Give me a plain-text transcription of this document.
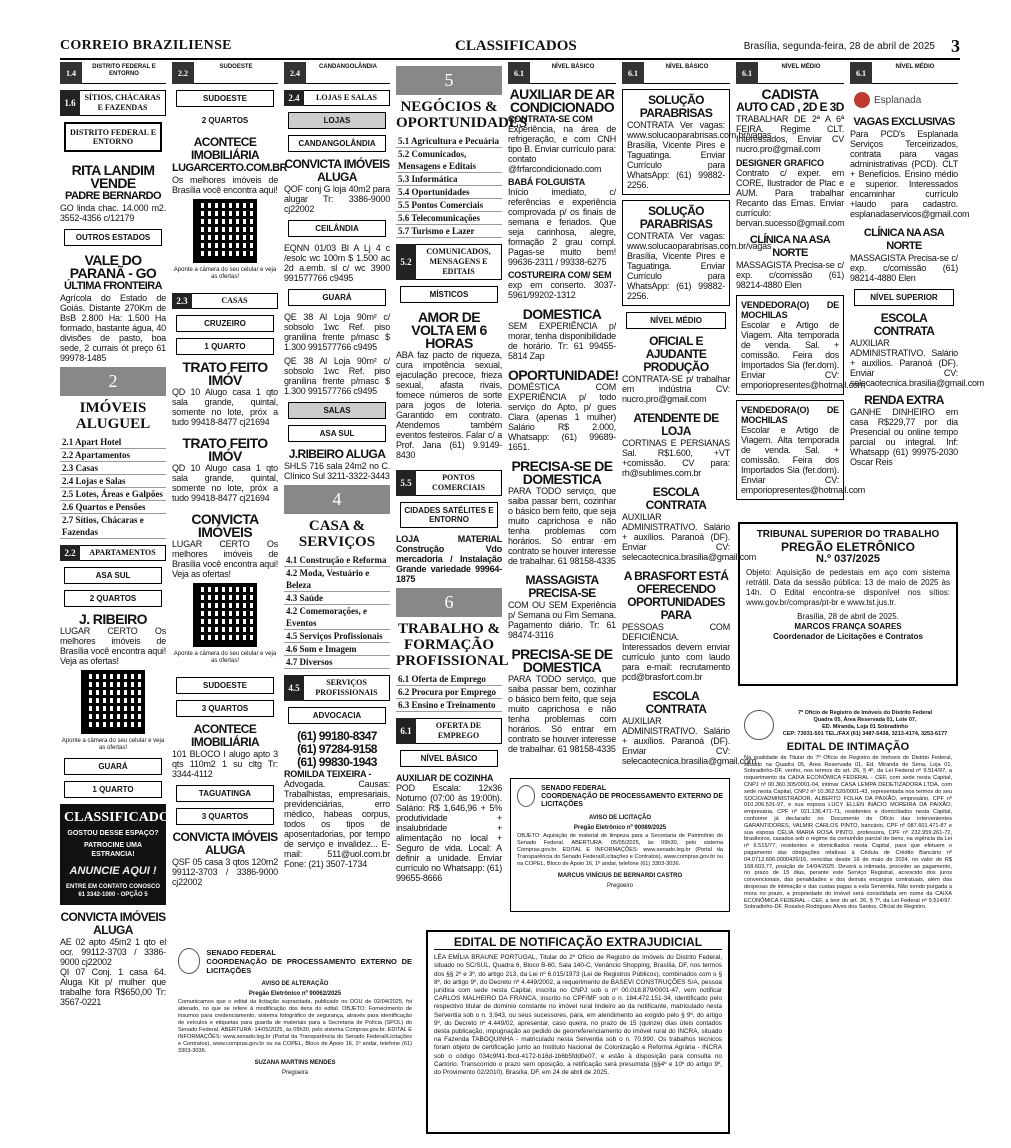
CORREIO BRAZILIENSE	CLASSIFICADOS	Brasília, segunda-feira, 28 de abril de 2025 3
1.4
DISTRITO FEDERAL E ENTORNO
1.6
SÍTIOS, CHÁCARAS E FAZENDAS
DISTRITO FEDERAL E ENTORNO
RITA LANDIM VENDE
PADRE BERNARDO
GO linda chac. 14.000 m2. 3552-4356 c/12179
OUTROS ESTADOS
VALE DO PARANÃ - GO
ÚLTIMA FRONTEIRA
Agrícola do Estado de Goiás. Distante 270Km de BsB 2.800 Ha: 1.500 Ha formado, bastante água, 40 divisões de pasto, boa sede, 2 currais ót preço 61 99978-1485
2
IMÓVEIS ALUGUEL
2.1 Apart Hotel
2.2 Apartamentos
2.3 Casas
2.4 Lojas e Salas
2.5 Lotes, Áreas e Galpões
2.6 Quartos e Pensões
2.7 Sítios, Chácaras e Fazendas
2.2	APARTAMENTOS
ASA SUL
2 QUARTOS
J. RIBEIRO
LUGAR CERTO Os melhores imóveis de Brasília você encontra aqui! Veja as ofertas!
Aponte a câmera do seu celular e veja as ofertas!
GUARÁ
1 QUARTO
CLASSIFICADOS
GOSTOU DESSE ESPAÇO?
PATROCINE UMA ESTRANCIA!
ANUNCIE AQUI !
ENTRE EM CONTATO CONOSCO 61 3342-1000 - OPÇÃO 5
CONVICTA IMÓVEIS ALUGA
AE 02 apto 45m2 1 qto el ocr. 99112-3703 / 3386-9000 cj22002
QI 07 Conj. 1 casa 64. Aluga Kit p/ mulher que trabalhe fora R$650,00 Tr: 3567-0221
2.2
SUDOESTE
SUDOESTE
2 QUARTOS
ACONTECE IMOBILIÁRIA
LUGARCERTO.COM.BR
Os melhores imóveis de Brasília você encontra aqui!
Aponte a câmera do seu celular e veja as ofertas!
2.3	CASAS
CRUZEIRO
1 QUARTO
TRATO FEITO IMÓV
QD 10 Alugo casa 1 qto sala grande, quintal, somente no lote, próx a tudo 99418-8477 cj21694
TRATO FEITO IMÓV
QD 10 Alugo casa 1 qto sala grande, quintal, somente no lote, próx a tudo 99418-8477 cj21694
CONVICTA IMÓVEIS
LUGAR CERTO Os melhores imóveis de Brasília você encontra aqui! Veja as ofertas!
Aponte a câmera do seu celular e veja as ofertas!
SUDOESTE
3 QUARTOS
ACONTECE IMOBILIÁRIA
101 BLOCO I alugo apto 3 qts 110m2 1 su cltg Tr: 3344-4112
TAGUATINGA
3 QUARTOS
CONVICTA IMÓVEIS ALUGA
QSF 05 casa 3 qtos 120m2 99112-3703 / 3386-9000 cj22002
2.4
CANDANGOLÂNDIA
2.4	LOJAS E SALAS
LOJAS
CANDANGOLÂNDIA
CONVICTA IMÓVEIS ALUGA
QOF conj G loja 40m2 para alugar Tr: 3386-9000 cj22002
CEILÂNDIA
EQNN 01/03 Bl A Lj 4 c /esolc wc 100m $ 1.500 ac 2d a.emb. sl c/ wc 3900 991577766 c9495
GUARÁ
QE 38 Al Loja 90m² c/ sobsolo 1wc Ref. piso granilina frente p/masc $ 1.300 991577766 c9495
QE 38 Al Loja 90m² c/ sobsolo 1wc Ref. piso granilina frente p/masc $ 1.300 991577766 c9495
SALAS
ASA SUL
J.RIBEIRO ALUGA
SHLS 716 sala 24m2 no C. Clínico Sul 3211-3322-3443
4
CASA & SERVIÇOS
4.1 Construção e Reforma
4.2 Moda, Vestuário e Beleza
4.3 Saúde
4.2 Comemorações, e Eventos
4.5 Serviços Profissionais
4.6 Som e Imagem
4.7 Diversos
4.5
SERVIÇOS PROFISSIONAIS
ADVOCACIA
(61) 99180-8347
(61) 97284-9158
(61) 99830-1943
ROMILDA TEIXEIRA -
Advogada. Causas: Trabalhistas, empresariais, previdenciárias, erro médico, habeas corpus, todos os tipos de aposentadorias, por tempo de serviço e invalidez... E-mail: 511@uol.com.br Fone: (21) 3507-1734
5
NEGÓCIOS & OPORTUNIDADES
5.1 Agricultura e Pecuária
5.2 Comunicados, Mensagens e Editais
5.3 Informática
5.4 Oportunidades
5.5 Pontos Comerciais
5.6 Telecomunicações
5.7 Turismo e Lazer
5.2
COMUNICADOS, MENSAGENS E EDITAIS
MÍSTICOS
AMOR DE VOLTA EM 6 HORAS
ABA faz pacto de riqueza, cura impotência sexual, ejaculação precoce, frieza sexual, afasta rivais, fornece números de sorte para jogos de loteria. Garantido em contrato. Atendemos também eventos festeiros. Falar c/ a Prof. Jana (61) 9.9149-8430
5.5
PONTOS COMERCIAIS
CIDADES SATÉLITES E ENTORNO
LOJA MATERIAL Construção Vdo mercadoria / Instalação Grande variedade 99964-1875
6
TRABALHO & FORMAÇÃO PROFISSIONAL
6.1 Oferta de Emprego
6.2 Procura por Emprego
6.3 Ensino e Treinamento
6.1
OFERTA DE EMPREGO
NÍVEL BÁSICO
AUXILIAR DE COZINHA
POD Escala: 12x36 Noturno (07:00 às 19:00h). Salário: R$ 1.646,96 + 5% produtividade + insalubridade + alimentação no local + Seguro de vida. Local: A definir a unidade. Enviar currículo no Whatsapp: (61) 99655-8666
6.1
NÍVEL BÁSICO
AUXILIAR DE AR CONDICIONADO
CONTRATA-SE COM
Experiência, na área de refrigeração, e com CNH tipo B. Enviar currículo para: contato @frfarcondicionado.com
BABÁ FOLGUISTA
Início imediato, c/ referências e experiência comprovada p/ os finais de semana e feriados. Que seja carinhosa, alegre, formação 2 grau compl. Pagas-se muito bem! 99636-2311 / 99338-6275
COSTUREIRA COM/ SEM
exp em conserto. 3037-5961/99202-1312
DOMESTICA
SEM EXPERIÊNCIA p/ morar, tenha disponibilidade de horário. Tr: 61 99455-5814 Zap
OPORTUNIDADE!
DOMÉSTICA COM EXPERIÊNCIA p/ todo serviço do Apto, p/ gues Clara (apenas 1 mulher) Salário R$ 2.000, Whatsapp: (61) 99689-1651.
PRECISA-SE DE DOMESTICA
PARA TODO serviço, que saiba passar bem, cozinhar o básico bem feito, que seja muito caprichosa e não tenha problemas com horários. Só entrar em contrato se houver interesse de trabalhar. 61 98158-4335
MASSAGISTA PRECISA-SE
COM OU SEM Experiência p/ Semana ou Fim Semana. Pagamento diário. Tr: 61 98474-3116
PRECISA-SE DE DOMESTICA
PARA TODO serviço, que saiba passar bem, cozinhar o básico bem feito, que seja muito caprichosa e não tenha problemas com horários. Só entrar em contrato se houver interesse de trabalhar. 61 98158-4335
6.1
NÍVEL BÁSICO
SOLUÇÃO PARABRISAS
CONTRATA Ver vagas: www.solucaoparabrisas.com.br/vagas Brasília, Vicente Pires e Taguatinga. Enviar Currículo para WhatsApp: (61) 99882-2256.
SOLUÇÃO PARABRISAS
CONTRATA Ver vagas: www.solucaoparabrisas.com.br/vagas Brasília, Vicente Pires e Taguatinga. Enviar Currículo para WhatsApp: (61) 99882-2256.
NÍVEL MÉDIO
OFICIAL E AJUDANTE PRODUÇÃO
CONTRATA-SE p/ trabalhar em indústria CV: nucro.pro@gmail.com
ATENDENTE DE LOJA
CORTINAS E PERSIANAS Sal. R$1.600, +VT +comissão. CV para: rh@sublimes.com.br
ESCOLA CONTRATA
AUXILIAR ADMINISTRATIVO. Salário + auxílios. Paranoá (DF). Enviar CV: selecaotecnica.brasilia@gmail.com
A BRASFORT ESTÁ OFERECENDO OPORTUNIDADES PARA
PESSOAS COM DEFICIÊNCIA. Interessados devem enviar currículo junto com laudo para e-mail: recrutamento pcd@brasfort.com.br
ESCOLA CONTRATA
AUXILIAR ADMINISTRATIVO. Salário + auxílios. Paranoá (DF). Enviar CV: selecaotecnica.brasilia@gmail.com
6.1
NÍVEL MÉDIO
CADISTA
AUTO CAD , 2D E 3D
TRABALHAR DE 2ª A 6ª FEIRA. Regime CLT. Interessados, Enviar CV nucro.pro@gmail.com
DESIGNER GRAFICO
Contrato c/ exper. em CORE, Ilustrador de Plac e AUM. Para trabalhar Recanto das Emas. Enviar currículo: bervan.sucesso@gmail.com
CLÍNICA NA ASA NORTE
MASSAGISTA Precisa-se c/ exp. c/comissão (61) 98214-4880 Elen
VENDEDORA(O) DE MOCHILAS
Escolar e Artigo de Viagem. Alta temporada de venda. Sal. + comissão. Feira dos Importados Sia (fer.dom). Enviar CV: emporiopresentes@hotmail.com
VENDEDORA(O) DE MOCHILAS
Escolar e Artigo de Viagem. Alta temporada de venda. Sal. + comissão. Feira dos Importados Sia (fer.dom). Enviar CV: emporiopresentes@hotmail.com
6.1
NÍVEL MÉDIO
Esplanada
VAGAS EXCLUSIVAS
Para PCD's Esplanada Serviços Terceirizados, contrata para vagas administrativas (PCD). CLT + Benefícios. Ensino médio e superior. Interessados encaminhar currículo +laudo para cadastro. esplanadaservicos@gmail.com
CLÍNICA NA ASA NORTE
MASSAGISTA Precisa-se c/ exp. c/comissão (61) 98214-4880 Elen
NÍVEL SUPERIOR
ESCOLA CONTRATA
AUXILIAR ADMINISTRATIVO. Salário + auxílios. Paranoá (DF). Enviar CV: selecaotecnica.brasilia@gmail.com
RENDA EXTRA
GANHE DINHEIRO em casa R$229,77 por dia Presencial ou online tempo parcial ou integral. Inf: Whatsapp (61) 99975-2030 Oscar Reis
TRIBUNAL SUPERIOR DO TRABALHO
PREGÃO ELETRÔNICO
N.º 037/2025
Objeto: Aquisição de pedestais em aço com sistema retrátil. Data da sessão pública: 13 de maio de 2025 às 14h. O Edital encontra-se disponível nos sítios: www.gov.br/compras/pt-br e www.tst.jus.tr.
Brasília, 28 de abril de 2025.
MARCOS FRANÇA SOARES
Coordenador de Licitações e Contratos
7º Ofício de Registro de Imóveis do Distrito Federal
Quadra 05, Área Reservada 01, Lote 07,
ED. Miranda, Loja 01 Sobradinho
CEP: 73031-501 TEL./FAX (61) 3487-5438, 3213-4174, 3253-6177
EDITAL DE INTIMAÇÃO
Na qualidade de Titular do 7º Ofício de Registro de Imóveis do Distrito Federal, situado na Quadra 05, Área Reservada 01, Ed. Miranda de Sena, Loja 01, Sobradinho-DF, venho, nos termos do art. 26, § 4º, da Lei Federal nº 9.514/97, a requerimento da CAIXA ECONÔMICA FEDERAL - CEF, com sede nesta Capital, CNPJ nº 00.360.305/0001-04, intimar CASA LEMPA DEDETIZADORA LTDA, com sede nesta Capital, CNPJ nº 10.362.520/0001-43, representada nos termos do seu SOCIO/ADMINISTRADOR, ALBERTO FOLHA DA PAIXÃO, empresário, CPF nº 010.206.531-97, e sua esposa LUCY ELLEN INÁCIO MOREIRA DA PAIXÃO, empresária, CPF nº 021.136.471-71, residentes e domiciliados nesta Capital, conforme já declarado no Documento de Ofício das intervenientes GARANTIDORES, VALMIR CARLOS PINTO, bancário, CPF nº 087.601.471-87 e sua esposa CÉLIA MARIA ROSA PINTO, professora, CPF nº 232.959.261-72, brasileiros, casados sob o regime da comunhão parcial de bens, na vigência da Lei nº 6.515/77, residentes e domiciliados nesta Capital, para que efetuem o pagamento das obrigações relativas à Cédula de Crédito Bancário nº 04.0712.606.0000426/16, vencidas desde 16 de maio de 2024, no valor de R$ 168.603,77, posição de 14/04/2025. Deverá a intimada, proceder ao pagamento, no prazo de 15 dias, perante este Serviço Registral, acrescido dos juros convencionais, das penalidades e dos demais encargos contratuais, além das despesas de intimação e das custas pagas a esta Serventia. Não sendo purgada a mora no prazo, a propriedade do imóvel será consolidada em nome da CAIXA ECONÔMICA FEDERAL - CEF, a teor do art. 26, § 7º, da Lei Federal nº 9.514/97. Sobradinho-DF, Rosalvo Rodrigues Alves dos Santos, Oficial de Registro.
SENADO FEDERAL
COORDENAÇÃO DE PROCESSAMENTO EXTERNO DE LICITAÇÕES
AVISO DE LICITAÇÃO
Pregão Eletrônico nº 90089/2025
OBJETO: Aquisição de material de limpeza para a Secretaria de Patrimônio do Senado Federal. ABERTURA: 05/05/2025, às 09h30, pelo sistema Compras.gov.br. EDITAL E INFORMAÇÕES: www.senado.leg.br (Portal da Transparência do Senado Federal/Licitações e Contratos), www.compras.gov.br ou na COPEL, Bloco de Apoio 16, 1º andar, telefone (61) 3303-3036.
MARCUS VINÍCIUS DE BERNARDI CASTRO
Pregoeiro
SENADO FEDERAL
COORDENAÇÃO DE PROCESSAMENTO EXTERNO DE LICITAÇÕES
AVISO DE ALTERAÇÃO
Pregão Eletrônico nº 90062/2025
Comunicamos que o edital da licitação supracitada, publicado no DOU de 02/04/2025, foi alterado, no que se refere à modificação dos itens do edital. OBJETO: Fornecimento de insumos para credenciamento, sistema fotográfico de segurança, através para identificação de veículos e etiquetas para guarda de materiais para a Secretaria de Polícia (SPOL) do Senado Federal. ABERTURA: 14/05/2025, às 09h30, pelo sistema Compras.gov.br. EDITAL E INFORMAÇÕES: www.senado.leg.br (Portal da Transparência do Senado Federal/Licitações e Contratos), www.compras.gov.br ou na COPEL, Bloco de Apoio 16, 1º andar, telefone (61) 3303-3036.
SUZANA MARTINS MENDES
Pregoeira
EDITAL DE NOTIFICAÇÃO EXTRAJUDICIAL
LÉA EMÍLIA BRAUNE PORTUGAL, Titular do 2º Ofício de Registro de Imóveis do Distrito Federal, situado no SC/SUL, Quadra 6, Bloco B-60, Sala 140-C, Venâncio Shopping, Brasília, DF, nos termos dos §§ 2º e 3º, do artigo 213, da Lei nº 6.015/1973 (Lei de Registros Públicos), combinados com o § 8º, do artigo 9º, do Decreto nº 4.449/2002, a requerimento de BASEVI CONSTRUÇÕES S/A, pessoa jurídica com sede nesta Capital, inscrita no CNPJ sob o nº 00.018.879/0001-47, vem notificar CARLOS MALHEIRO DA FRANCA, inscrito no CPF/MF sob o n. 184.472.151-34, identificado pelo respectivo titular de domínio constante no imóvel rural lindeiro ao da notificante, matriculado nesta Serventia sob o n. 3.943, ou seus sucessores, para, em atendimento ao exigido pelo § 9º, do artigo 9º, do Decreto nº 4.449/02, apresentar, caso queira, no prazo de 15 (quinze) dias úteis contados desta publicação, impugnação ao pedido de georreferenciamento do imóvel rural do INCRA, situado na Fazenda TABOQUINHA - matriculado nesta Serventia sob o n. 70.990. Os trabalhos técnicos foram objeto de certificação junto ao Instituto Nacional de Colonização e Reforma Agrária - INCRA sob o código 034c9f41-fbcd-4172-b16d-1b6b5fdd0e07, e estão à disposição para consulta no Cartório. Transcorrido o prazo sem oposição, a retificação será presumida (§§4º e 10º do artigo 9º, do Provimento 02/2010). Brasília, DF, em 24 de abril de 2025.
